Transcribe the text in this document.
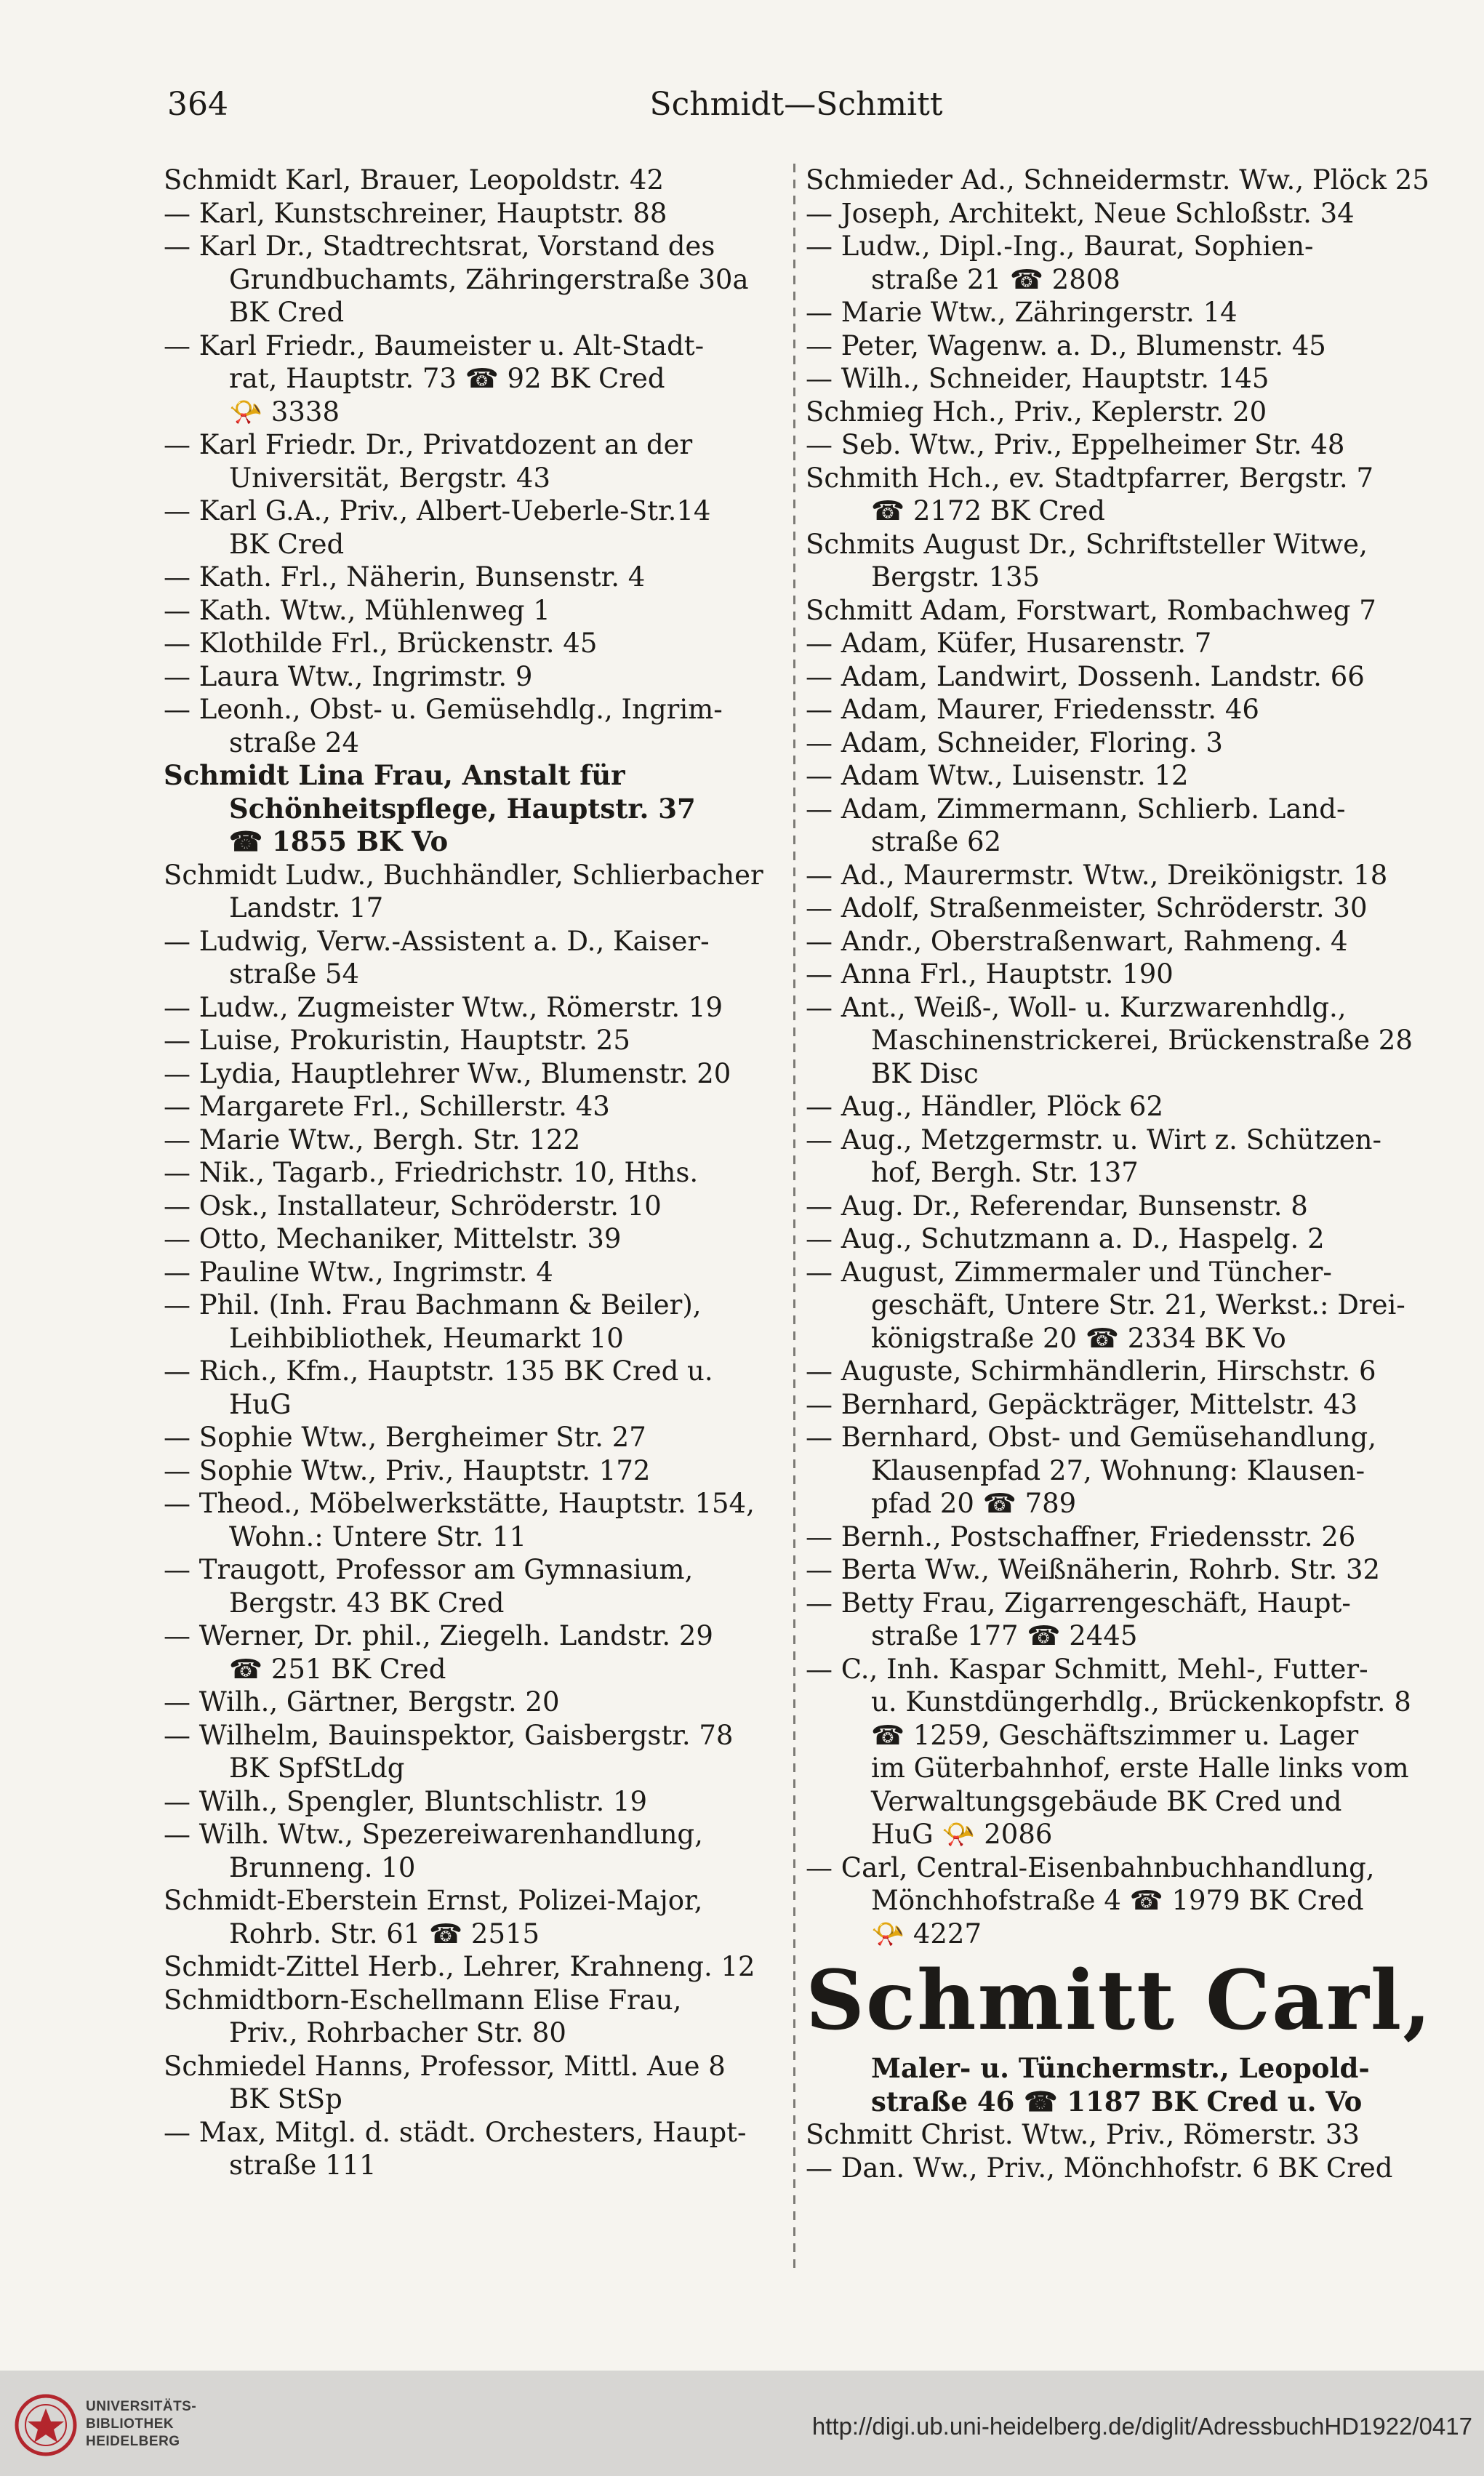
364	Schmidt—Schmitt
Schmidt Karl, Brauer, Leopoldstr. 42
— Karl, Kunstschreiner, Hauptstr. 88
— Karl Dr., Stadtrechtsrat, Vorstand des
Grundbuchamts, Zähringerstraße 30a
BK Cred
— Karl Friedr., Baumeister u. Alt-Stadt-
rat, Hauptstr. 73 ☎ 92 BK Cred
📯 3338
— Karl Friedr. Dr., Privatdozent an der
Universität, Bergstr. 43
— Karl G.A., Priv., Albert-Ueberle-Str.14
BK Cred
— Kath. Frl., Näherin, Bunsenstr. 4
— Kath. Wtw., Mühlenweg 1
— Klothilde Frl., Brückenstr. 45
— Laura Wtw., Ingrimstr. 9
— Leonh., Obst- u. Gemüsehdlg., Ingrim-
straße 24
Schmidt Lina Frau, Anstalt für
Schönheitspflege, Hauptstr. 37
☎ 1855 BK Vo
Schmidt Ludw., Buchhändler, Schlierbacher
Landstr. 17
— Ludwig, Verw.-Assistent a. D., Kaiser-
straße 54
— Ludw., Zugmeister Wtw., Römerstr. 19
— Luise, Prokuristin, Hauptstr. 25
— Lydia, Hauptlehrer Ww., Blumenstr. 20
— Margarete Frl., Schillerstr. 43
— Marie Wtw., Bergh. Str. 122
— Nik., Tagarb., Friedrichstr. 10, Hths.
— Osk., Installateur, Schröderstr. 10
— Otto, Mechaniker, Mittelstr. 39
— Pauline Wtw., Ingrimstr. 4
— Phil. (Inh. Frau Bachmann & Beiler),
Leihbibliothek, Heumarkt 10
— Rich., Kfm., Hauptstr. 135 BK Cred u.
HuG
— Sophie Wtw., Bergheimer Str. 27
— Sophie Wtw., Priv., Hauptstr. 172
— Theod., Möbelwerkstätte, Hauptstr. 154,
Wohn.: Untere Str. 11
— Traugott, Professor am Gymnasium,
Bergstr. 43 BK Cred
— Werner, Dr. phil., Ziegelh. Landstr. 29
☎ 251 BK Cred
— Wilh., Gärtner, Bergstr. 20
— Wilhelm, Bauinspektor, Gaisbergstr. 78
BK SpfStLdg
— Wilh., Spengler, Bluntschlistr. 19
— Wilh. Wtw., Spezereiwarenhandlung,
Brunneng. 10
Schmidt-Eberstein Ernst, Polizei-Major,
Rohrb. Str. 61 ☎ 2515
Schmidt-Zittel Herb., Lehrer, Krahneng. 12
Schmidtborn-Eschellmann Elise Frau,
Priv., Rohrbacher Str. 80
Schmiedel Hanns, Professor, Mittl. Aue 8
BK StSp
— Max, Mitgl. d. städt. Orchesters, Haupt-
straße 111
Schmieder Ad., Schneidermstr. Ww., Plöck 25
— Joseph, Architekt, Neue Schloßstr. 34
— Ludw., Dipl.-Ing., Baurat, Sophien-
straße 21 ☎ 2808
— Marie Wtw., Zähringerstr. 14
— Peter, Wagenw. a. D., Blumenstr. 45
— Wilh., Schneider, Hauptstr. 145
Schmieg Hch., Priv., Keplerstr. 20
— Seb. Wtw., Priv., Eppelheimer Str. 48
Schmith Hch., ev. Stadtpfarrer, Bergstr. 7
☎ 2172 BK Cred
Schmits August Dr., Schriftsteller Witwe,
Bergstr. 135
Schmitt Adam, Forstwart, Rombachweg 7
— Adam, Küfer, Husarenstr. 7
— Adam, Landwirt, Dossenh. Landstr. 66
— Adam, Maurer, Friedensstr. 46
— Adam, Schneider, Floring. 3
— Adam Wtw., Luisenstr. 12
— Adam, Zimmermann, Schlierb. Land-
straße 62
— Ad., Maurermstr. Wtw., Dreikönigstr. 18
— Adolf, Straßenmeister, Schröderstr. 30
— Andr., Oberstraßenwart, Rahmeng. 4
— Anna Frl., Hauptstr. 190
— Ant., Weiß-, Woll- u. Kurzwarenhdlg.,
Maschinenstrickerei, Brückenstraße 28
BK Disc
— Aug., Händler, Plöck 62
— Aug., Metzgermstr. u. Wirt z. Schützen-
hof, Bergh. Str. 137
— Aug. Dr., Referendar, Bunsenstr. 8
— Aug., Schutzmann a. D., Haspelg. 2
— August, Zimmermaler und Tüncher-
geschäft, Untere Str. 21, Werkst.: Drei-
königstraße 20 ☎ 2334 BK Vo
— Auguste, Schirmhändlerin, Hirschstr. 6
— Bernhard, Gepäckträger, Mittelstr. 43
— Bernhard, Obst- und Gemüsehandlung,
Klausenpfad 27, Wohnung: Klausen-
pfad 20 ☎ 789
— Bernh., Postschaffner, Friedensstr. 26
— Berta Ww., Weißnäherin, Rohrb. Str. 32
— Betty Frau, Zigarrengeschäft, Haupt-
straße 177 ☎ 2445
— C., Inh. Kaspar Schmitt, Mehl-, Futter-
u. Kunstdüngerhdlg., Brückenkopfstr. 8
☎ 1259, Geschäftszimmer u. Lager
im Güterbahnhof, erste Halle links vom
Verwaltungsgebäude BK Cred und
HuG 📯 2086
— Carl, Central-Eisenbahnbuchhandlung,
Mönchhofstraße 4 ☎ 1979 BK Cred
📯 4227
Schmitt Carl,
Maler- u. Tünchermstr., Leopold-
straße 46 ☎ 1187 BK Cred u. Vo
Schmitt Christ. Wtw., Priv., Römerstr. 33
— Dan. Ww., Priv., Mönchhofstr. 6 BK Cred
UNIVERSITÄTS-
BIBLIOTHEK
HEIDELBERG
http://digi.ub.uni-heidelberg.de/diglit/AdressbuchHD1922/0417
